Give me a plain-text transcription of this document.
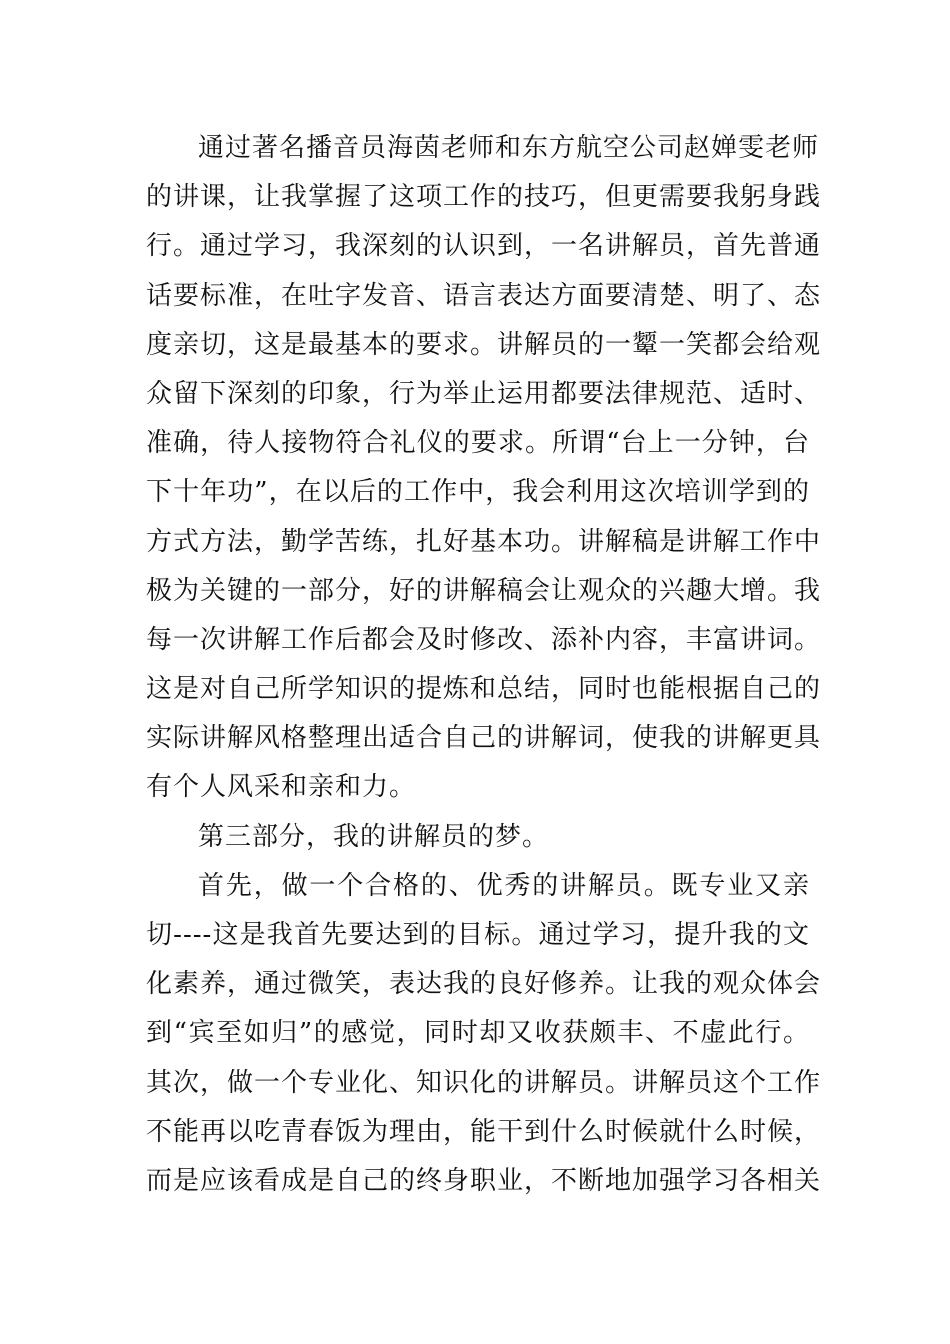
通过著名播音员海茵老师和东方航空公司赵婵雯老师
的讲课，让我掌握了这项工作的技巧，但更需要我躬身践
行。通过学习，我深刻的认识到，一名讲解员，首先普通
话要标准，在吐字发音、语言表达方面要清楚、明了、态
度亲切，这是最基本的要求。讲解员的一颦一笑都会给观
众留下深刻的印象，行为举止运用都要法律规范、适时、
准确，待人接物符合礼仪的要求。所谓“台上一分钟，台
下十年功”，在以后的工作中，我会利用这次培训学到的
方式方法，勤学苦练，扎好基本功。讲解稿是讲解工作中
极为关键的一部分，好的讲解稿会让观众的兴趣大增。我
每一次讲解工作后都会及时修改、添补内容，丰富讲词。
这是对自己所学知识的提炼和总结，同时也能根据自己的
实际讲解风格整理出适合自己的讲解词，使我的讲解更具
有个人风采和亲和力。
第三部分，我的讲解员的梦。
首先，做一个合格的、优秀的讲解员。既专业又亲
切----这是我首先要达到的目标。通过学习，提升我的文
化素养，通过微笑，表达我的良好修养。让我的观众体会
到“宾至如归”的感觉，同时却又收获颇丰、不虚此行。
其次，做一个专业化、知识化的讲解员。讲解员这个工作
不能再以吃青春饭为理由，能干到什么时候就什么时候，
而是应该看成是自己的终身职业，不断地加强学习各相关
